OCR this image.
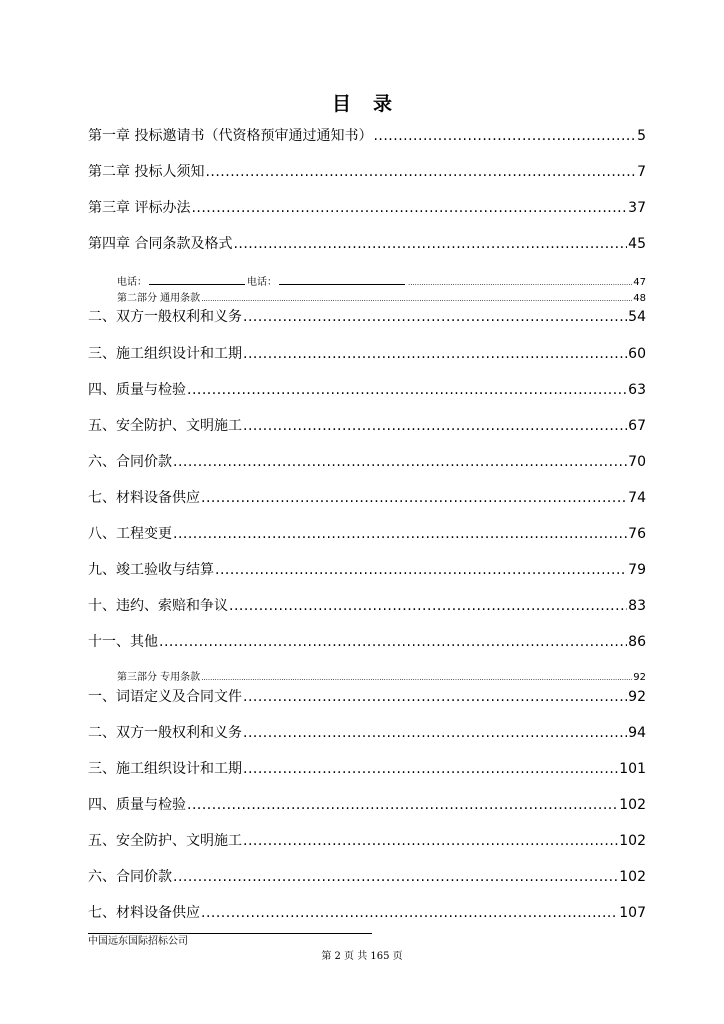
目录
第一章 投标邀请书（代资格预审通过通知书） .....	5
第二章 投标人须知 .....	7
第三章 评标办法 .....	37
第四章 合同条款及格式 .....	45
电话：	电话： .....	47
第二部分 通用条款 .....	48
二、双方一般权利和义务 .....	54
三、施工组织设计和工期 .....	60
四、质量与检验 .....	63
五、安全防护、文明施工 .....	67
六、合同价款 .....	70
七、材料设备供应 .....	74
八、工程变更 .....	76
九、竣工验收与结算 .....	79
十、违约、索赔和争议 .....	83
十一、其他 .....	86
第三部分 专用条款 .....	92
一、词语定义及合同文件 .....	92
二、双方一般权利和义务 .....	94
三、施工组织设计和工期 .....	101
四、质量与检验 .....	102
五、安全防护、文明施工 .....	102
六、合同价款 .....	102
七、材料设备供应 .....	107
中国远东国际招标公司
第 2 页 共 165 页
